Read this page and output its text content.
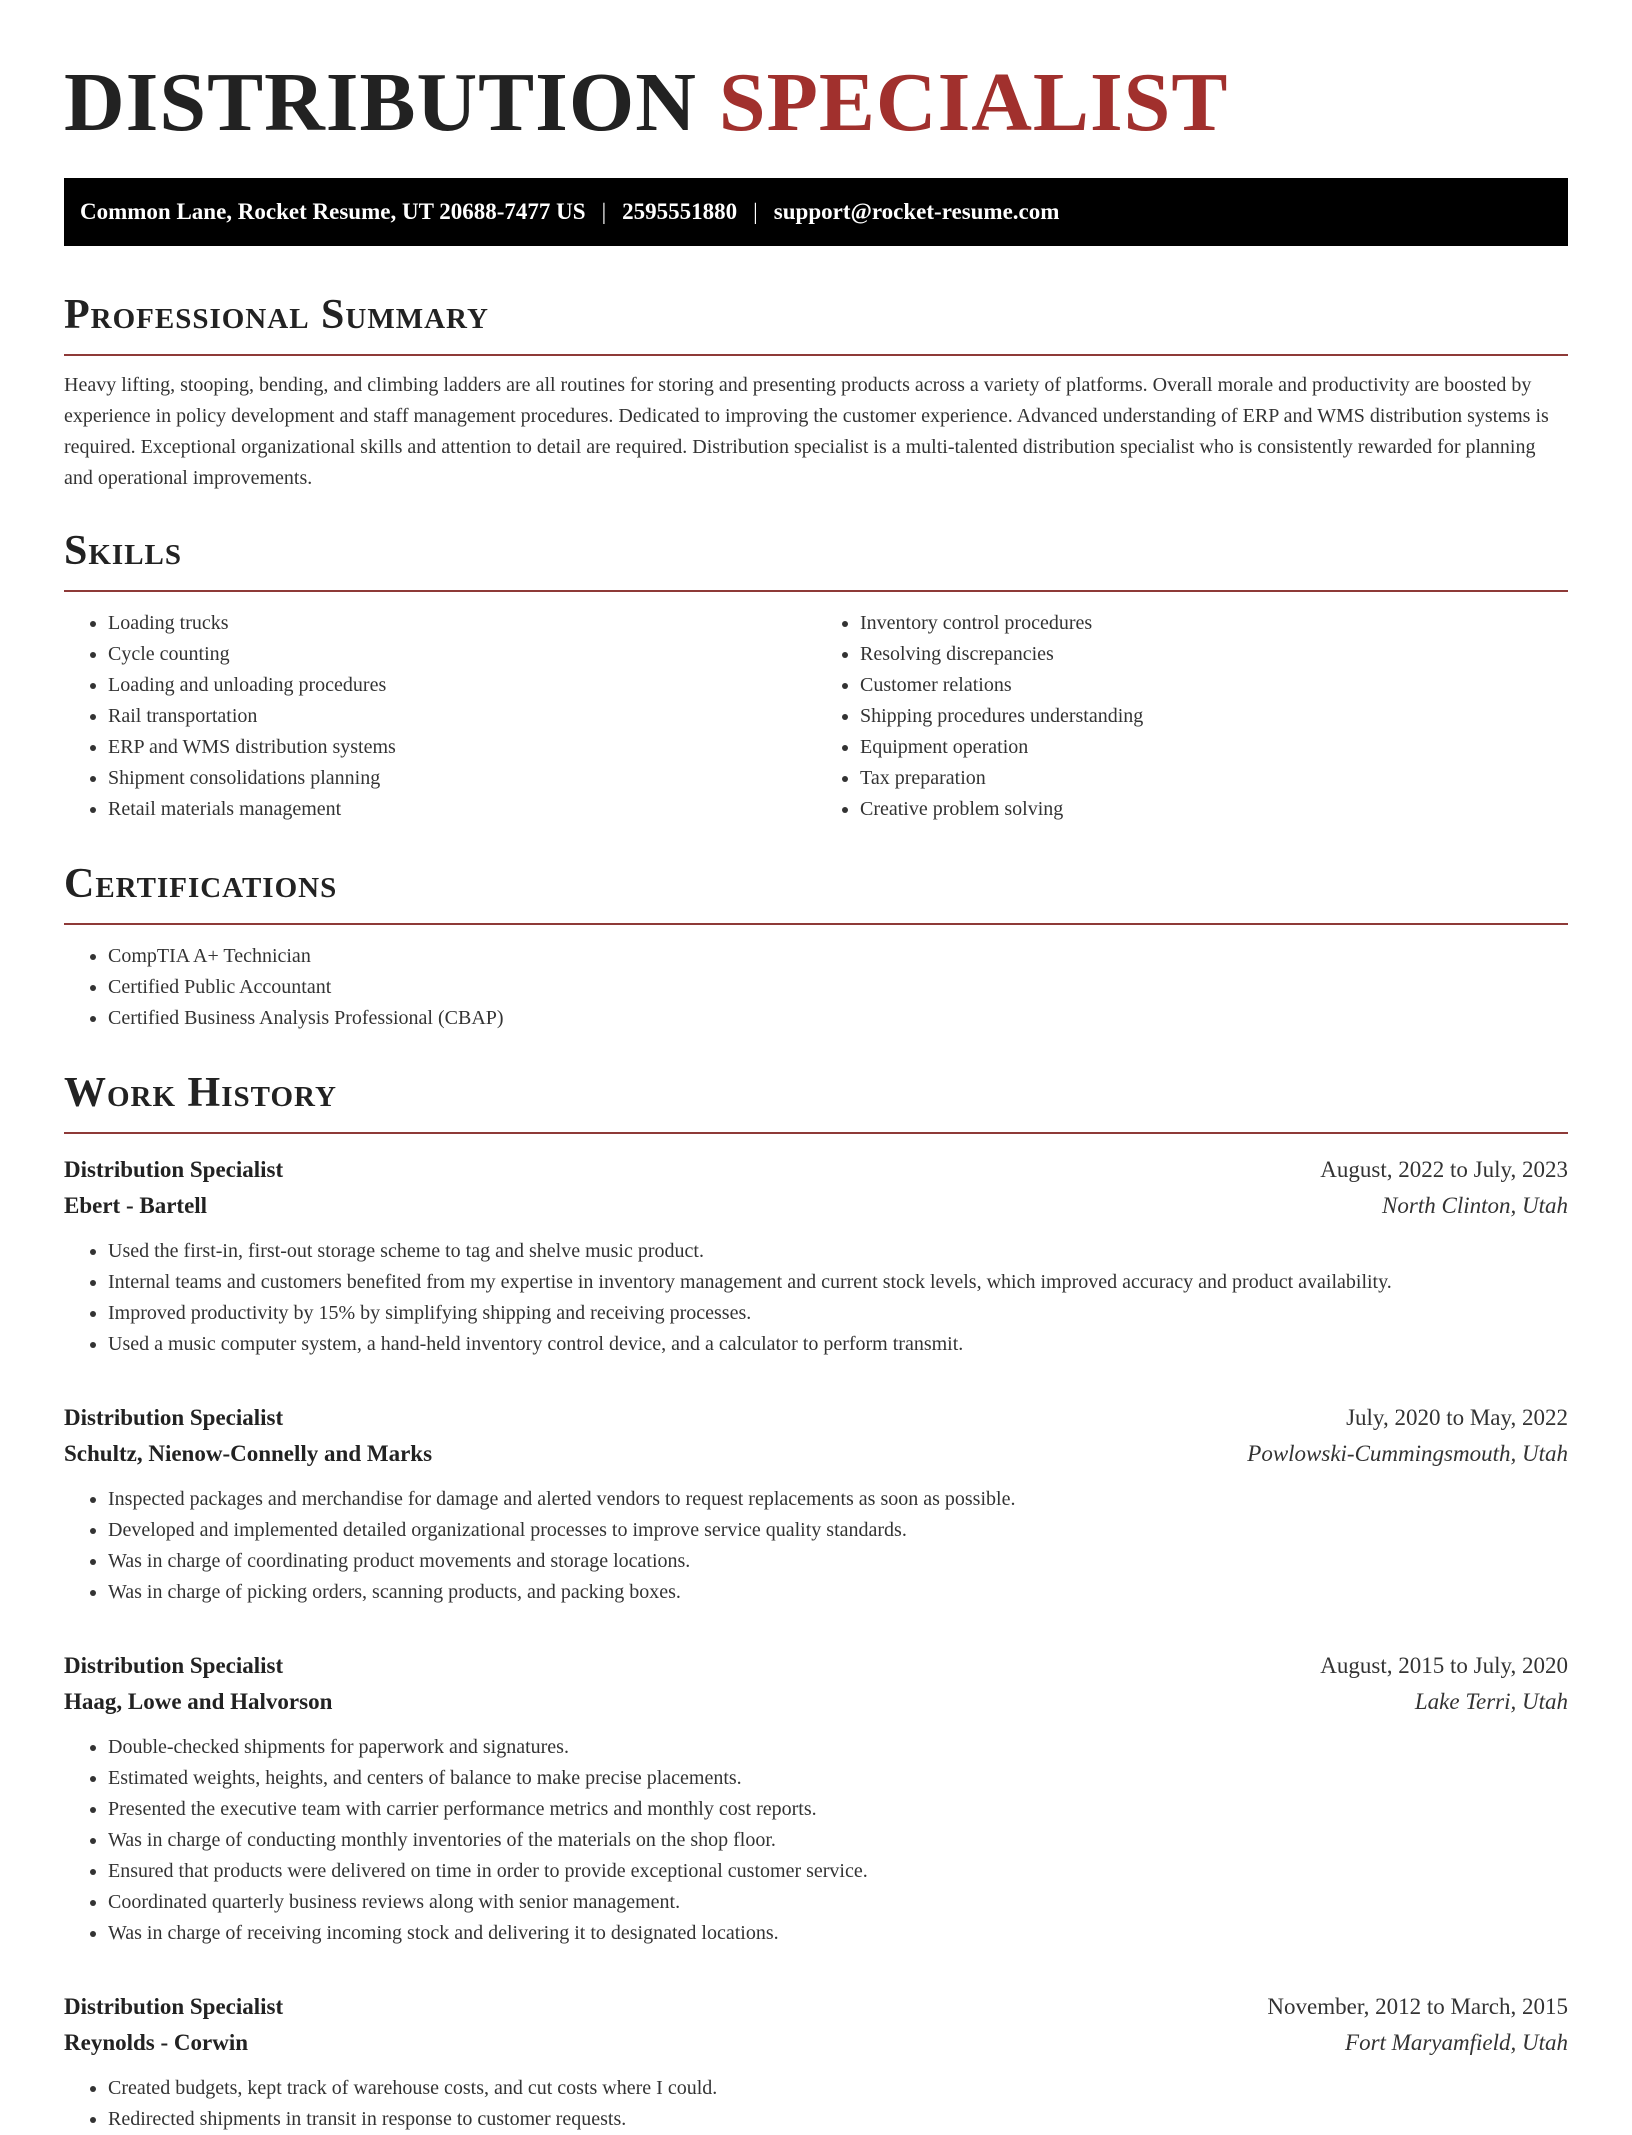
DISTRIBUTION SPECIALIST
Common Lane, Rocket Resume, UT 20688-7477 US | 2595551880 | support@rocket-resume.com
Professional Summary

Heavy lifting, stooping, bending, and climbing ladders are all routines for storing and presenting products across a variety of platforms. Overall morale and productivity are boosted by experience in policy development and staff management procedures. Dedicated to improving the customer experience. Advanced understanding of ERP and WMS distribution systems is required. Exceptional organizational skills and attention to detail are required. Distribution specialist is a multi-talented distribution specialist who is consistently rewarded for planning and operational improvements.

Skills
• Loading trucks
• Cycle counting
• Loading and unloading procedures
• Rail transportation
• ERP and WMS distribution systems
• Shipment consolidations planning
• Retail materials management
• Inventory control procedures
• Resolving discrepancies
• Customer relations
• Shipping procedures understanding
• Equipment operation
• Tax preparation
• Creative problem solving
Certifications
• CompTIA A+ Technician
• Certified Public Accountant
• Certified Business Analysis Professional (CBAP)
Work History
Distribution Specialist	August, 2022 to July, 2023
Ebert - Bartell	North Clinton, Utah
• Used the first-in, first-out storage scheme to tag and shelve music product.
• Internal teams and customers benefited from my expertise in inventory management and current stock levels, which improved accuracy and product availability.
• Improved productivity by 15% by simplifying shipping and receiving processes.
• Used a music computer system, a hand-held inventory control device, and a calculator to perform transmit.
Distribution Specialist	July, 2020 to May, 2022
Schultz, Nienow-Connelly and Marks	Powlowski-Cummingsmouth, Utah
• Inspected packages and merchandise for damage and alerted vendors to request replacements as soon as possible.
• Developed and implemented detailed organizational processes to improve service quality standards.
• Was in charge of coordinating product movements and storage locations.
• Was in charge of picking orders, scanning products, and packing boxes.
Distribution Specialist	August, 2015 to July, 2020
Haag, Lowe and Halvorson	Lake Terri, Utah
• Double-checked shipments for paperwork and signatures.
• Estimated weights, heights, and centers of balance to make precise placements.
• Presented the executive team with carrier performance metrics and monthly cost reports.
• Was in charge of conducting monthly inventories of the materials on the shop floor.
• Ensured that products were delivered on time in order to provide exceptional customer service.
• Coordinated quarterly business reviews along with senior management.
• Was in charge of receiving incoming stock and delivering it to designated locations.
Distribution Specialist	November, 2012 to March, 2015
Reynolds - Corwin	Fort Maryamfield, Utah
• Created budgets, kept track of warehouse costs, and cut costs where I could.
• Redirected shipments in transit in response to customer requests.
